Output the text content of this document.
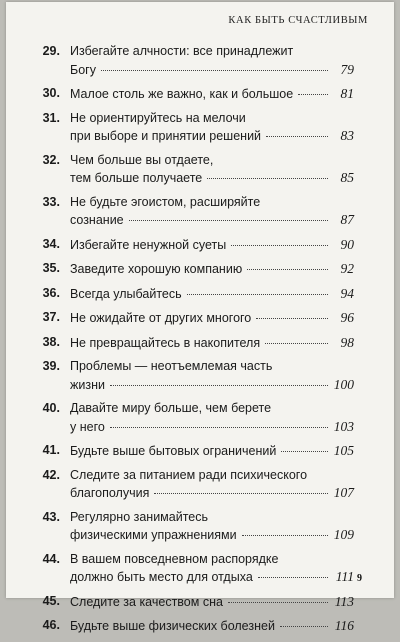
КАК БЫТЬ СЧАСТЛИВЫМ
29. Избегайте алчности: все принадлежит
Богу	79
30. Малое столь же важно, как и большое	81
31. Не ориентируйтесь на мелочи
при выборе и принятии решений	83
32. Чем больше вы отдаете,
тем больше получаете	85
33. Не будьте эгоистом, расширяйте
сознание	87
34. Избегайте ненужной суеты	90
35. Заведите хорошую компанию	92
36. Всегда улыбайтесь	94
37. Не ожидайте от других многого	96
38. Не превращайтесь в накопителя	98
39. Проблемы — неотъемлемая часть
жизни	100
40. Давайте миру больше, чем берете
у него	103
41. Будьте выше бытовых ограничений	105
42. Следите за питанием ради психического
благополучия	107
43. Регулярно занимайтесь
физическими упражнениями	109
44. В вашем повседневном распорядке
должно быть место для отдыха	111
45. Следите за качеством сна	113
46. Будьте выше физических болезней	116
9
